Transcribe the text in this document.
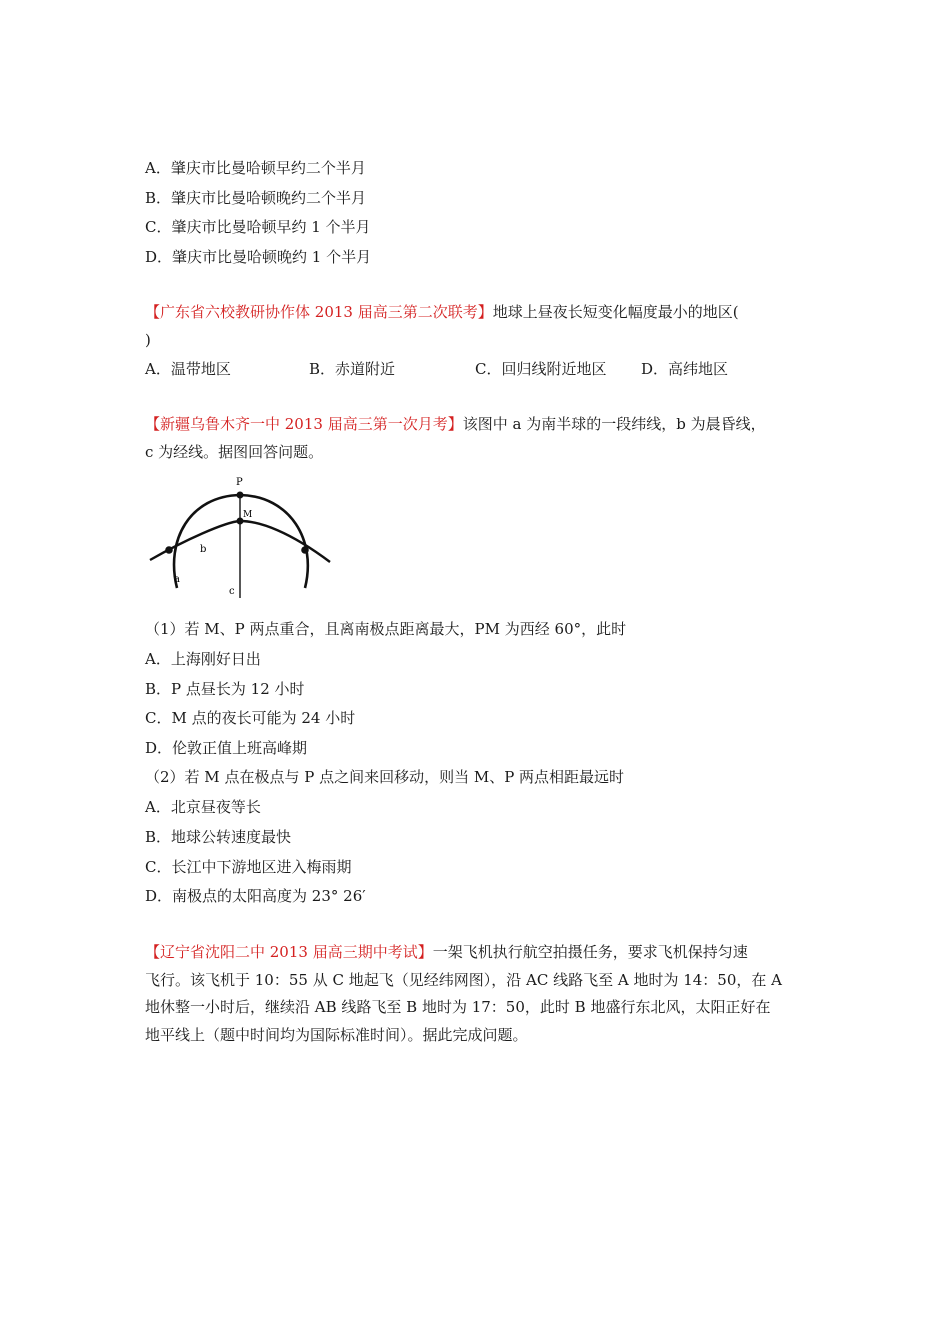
A．肇庆市比曼哈顿早约二个半月
B．肇庆市比曼哈顿晚约二个半月
C．肇庆市比曼哈顿早约 1 个半月
D．肇庆市比曼哈顿晚约 1 个半月
【广东省六校教研协作体 2013 届高三第二次联考】地球上昼夜长短变化幅度最小的地区(
)
A．温带地区	B．赤道附近	C．回归线附近地区 D．高纬地区
【新疆乌鲁木齐一中 2013 届高三第一次月考】该图中 a 为南半球的一段纬线，b 为晨昏线，
c 为经线。据图回答问题。
P
M
a
b
c
（1）若 M、P 两点重合，且离南极点距离最大，PM 为西经 60°，此时
A．上海刚好日出
B．P 点昼长为 12 小时
C．M 点的夜长可能为 24 小时
D．伦敦正值上班高峰期
（2）若 M 点在极点与 P 点之间来回移动，则当 M、P 两点相距最远时
A．北京昼夜等长
B．地球公转速度最快
C．长江中下游地区进入梅雨期
D．南极点的太阳高度为 23° 26′
【辽宁省沈阳二中 2013 届高三期中考试】一架飞机执行航空拍摄任务，要求飞机保持匀速
飞行。该飞机于 10：55 从 C 地起飞（见经纬网图），沿 AC 线路飞至 A 地时为 14：50，在 A
地休整一小时后，继续沿 AB 线路飞至 B 地时为 17：50，此时 B 地盛行东北风，太阳正好在
地平线上（题中时间均为国际标准时间）。据此完成问题。
